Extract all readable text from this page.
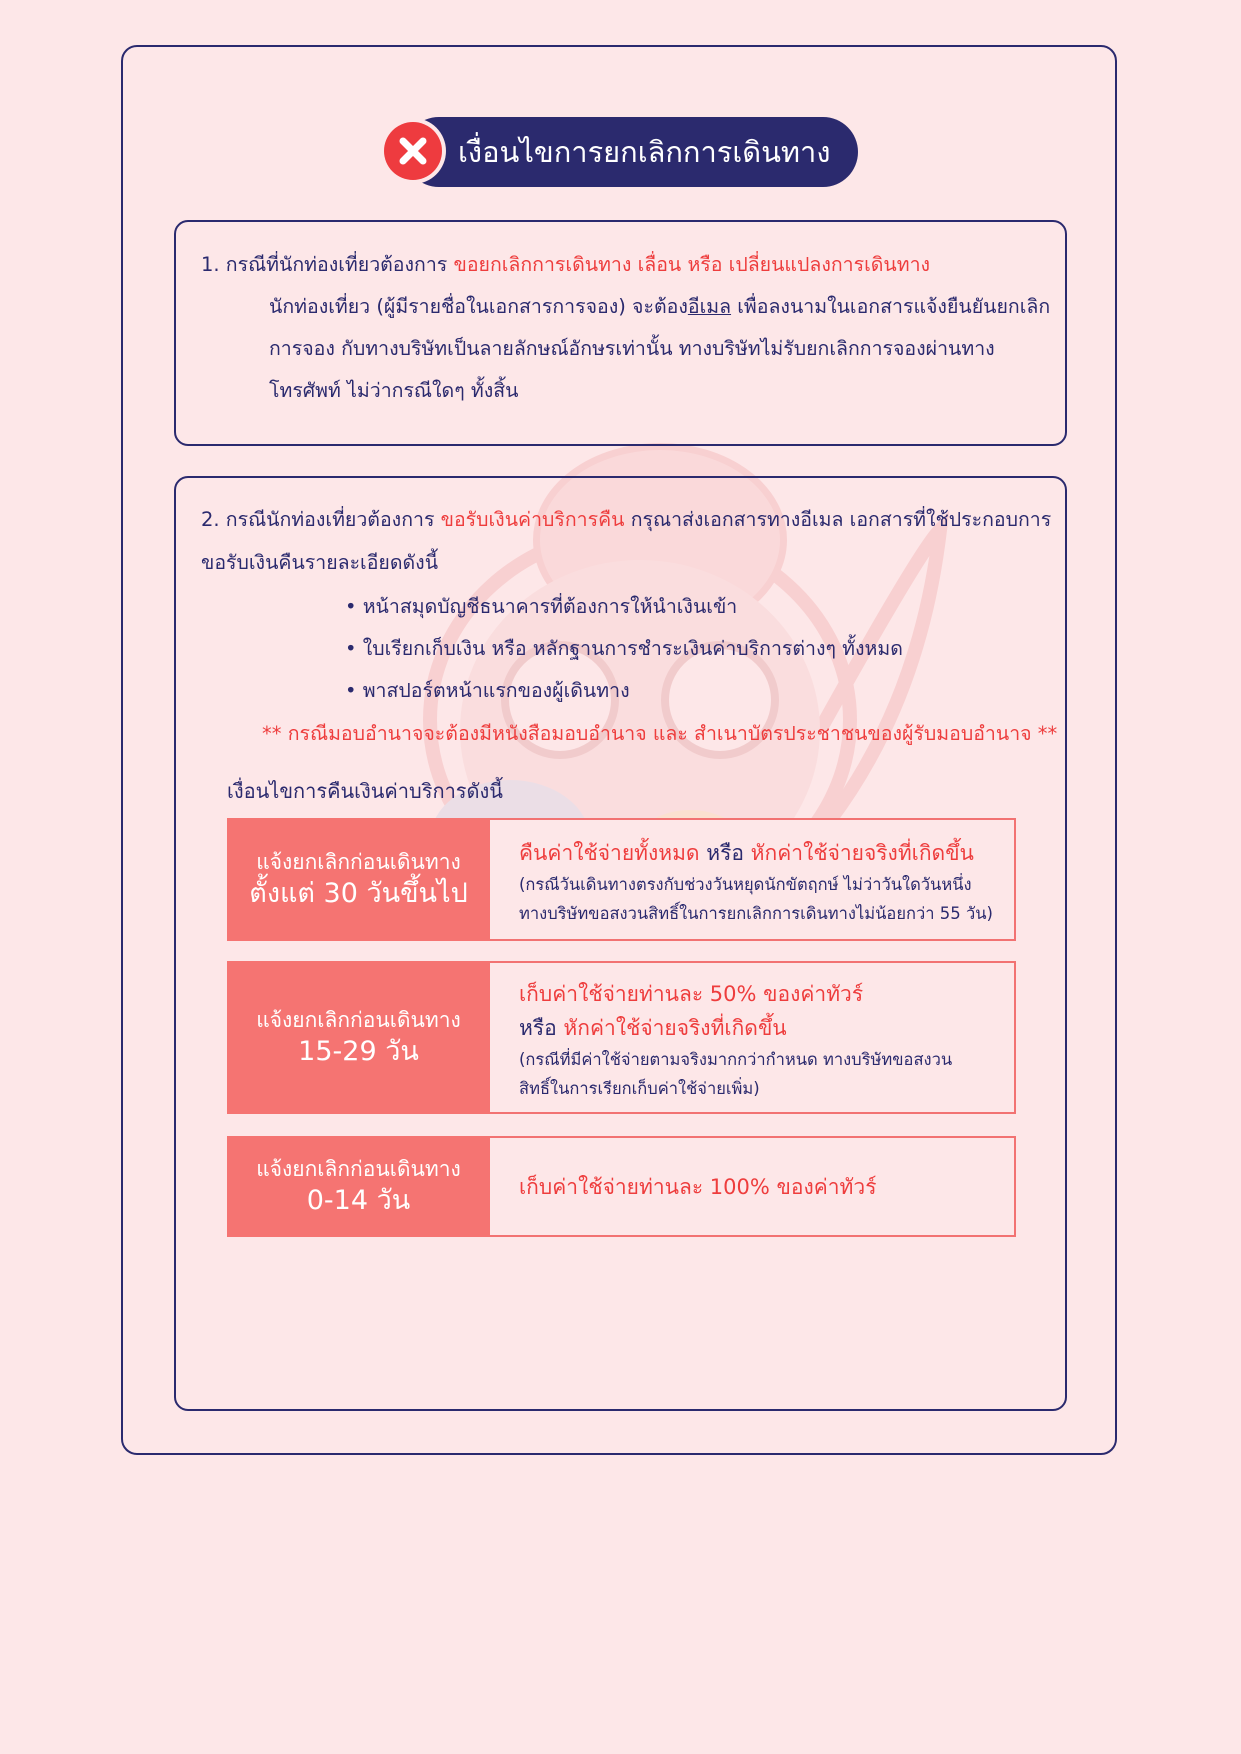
เงื่อนไขการยกเลิกการเดินทาง
1. กรณีที่นักท่องเที่ยวต้องการ ขอยกเลิกการเดินทาง เลื่อน หรือ เปลี่ยนแปลงการเดินทาง
นักท่องเที่ยว (ผู้มีรายชื่อในเอกสารการจอง) จะต้องอีเมล เพื่อลงนามในเอกสารแจ้งยืนยันยกเลิก
การจอง กับทางบริษัทเป็นลายลักษณ์อักษรเท่านั้น ทางบริษัทไม่รับยกเลิกการจองผ่านทาง
โทรศัพท์ ไม่ว่ากรณีใดๆ ทั้งสิ้น
2. กรณีนักท่องเที่ยวต้องการ ขอรับเงินค่าบริการคืน กรุณาส่งเอกสารทางอีเมล เอกสารที่ใช้ประกอบการ
ขอรับเงินคืนรายละเอียดดังนี้
• หน้าสมุดบัญชีธนาคารที่ต้องการให้นำเงินเข้า
• ใบเรียกเก็บเงิน หรือ หลักฐานการชำระเงินค่าบริการต่างๆ ทั้งหมด
• พาสปอร์ตหน้าแรกของผู้เดินทาง
** กรณีมอบอำนาจจะต้องมีหนังสือมอบอำนาจ และ สำเนาบัตรประชาชนของผู้รับมอบอำนาจ **
เงื่อนไขการคืนเงินค่าบริการดังนี้
แจ้งยกเลิกก่อนเดินทาง
ตั้งแต่ 30 วันขึ้นไป
คืนค่าใช้จ่ายทั้งหมด หรือ หักค่าใช้จ่ายจริงที่เกิดขึ้น
(กรณีวันเดินทางตรงกับช่วงวันหยุดนักขัตฤกษ์ ไม่ว่าวันใดวันหนึ่ง
ทางบริษัทขอสงวนสิทธิ์ในการยกเลิกการเดินทางไม่น้อยกว่า 55 วัน)
แจ้งยกเลิกก่อนเดินทาง
15-29 วัน
เก็บค่าใช้จ่ายท่านละ 50% ของค่าทัวร์
หรือ หักค่าใช้จ่ายจริงที่เกิดขึ้น
(กรณีที่มีค่าใช้จ่ายตามจริงมากกว่ากำหนด ทางบริษัทขอสงวน
สิทธิ์ในการเรียกเก็บค่าใช้จ่ายเพิ่ม)
แจ้งยกเลิกก่อนเดินทาง
0-14 วัน	เก็บค่าใช้จ่ายท่านละ 100% ของค่าทัวร์
